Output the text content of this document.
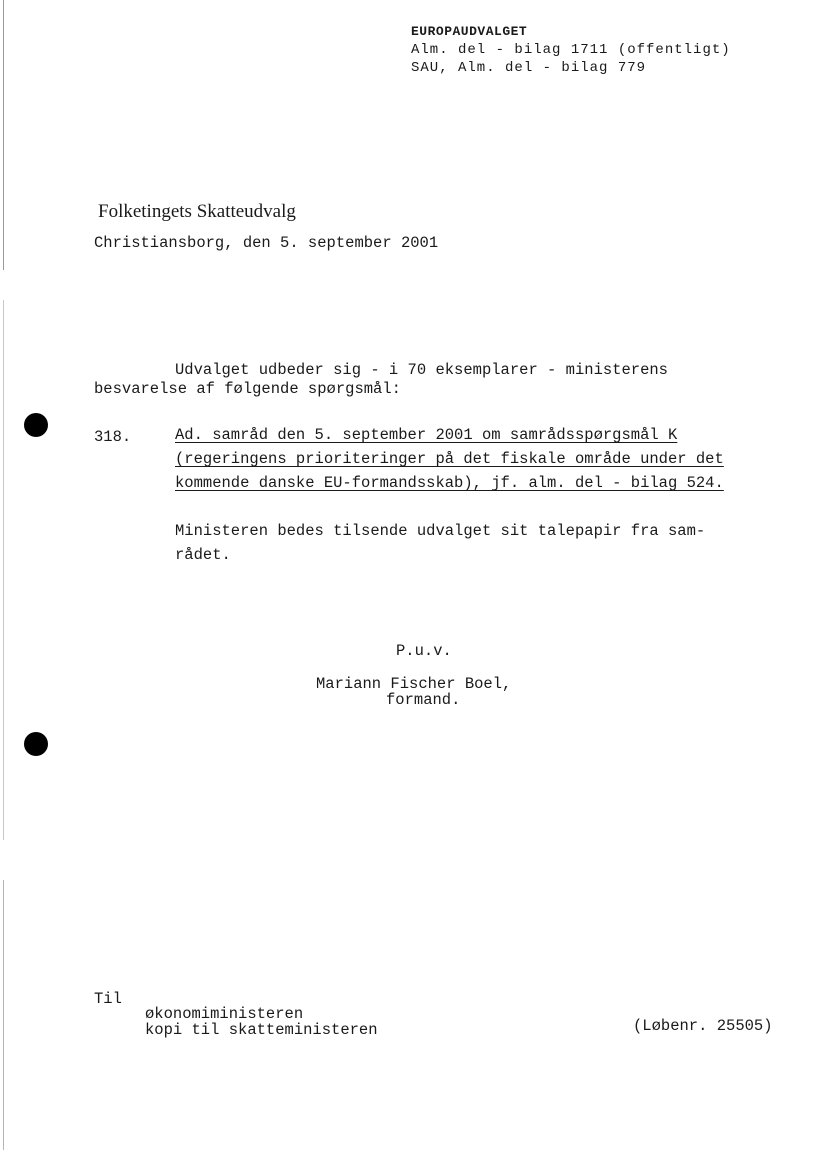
EUROPAUDVALGET
Alm. del - bilag 1711 (offentligt)
SAU, Alm. del - bilag 779
Folketingets Skatteudvalg
Christiansborg, den 5. september 2001
Udvalget udbeder sig - i 70 eksemplarer - ministerens
besvarelse af følgende spørgsmål:
318.	Ad. samråd den 5. september 2001 om samrådsspørgsmål K
(regeringens prioriteringer på det fiskale område under det
kommende danske EU-formandsskab), jf. alm. del - bilag 524.
Ministeren bedes tilsende udvalget sit talepapir fra sam-
rådet.
P.u.v.
Mariann Fischer Boel,
formand.
Til
økonomiministeren
kopi til skatteministeren	(Løbenr. 25505)
